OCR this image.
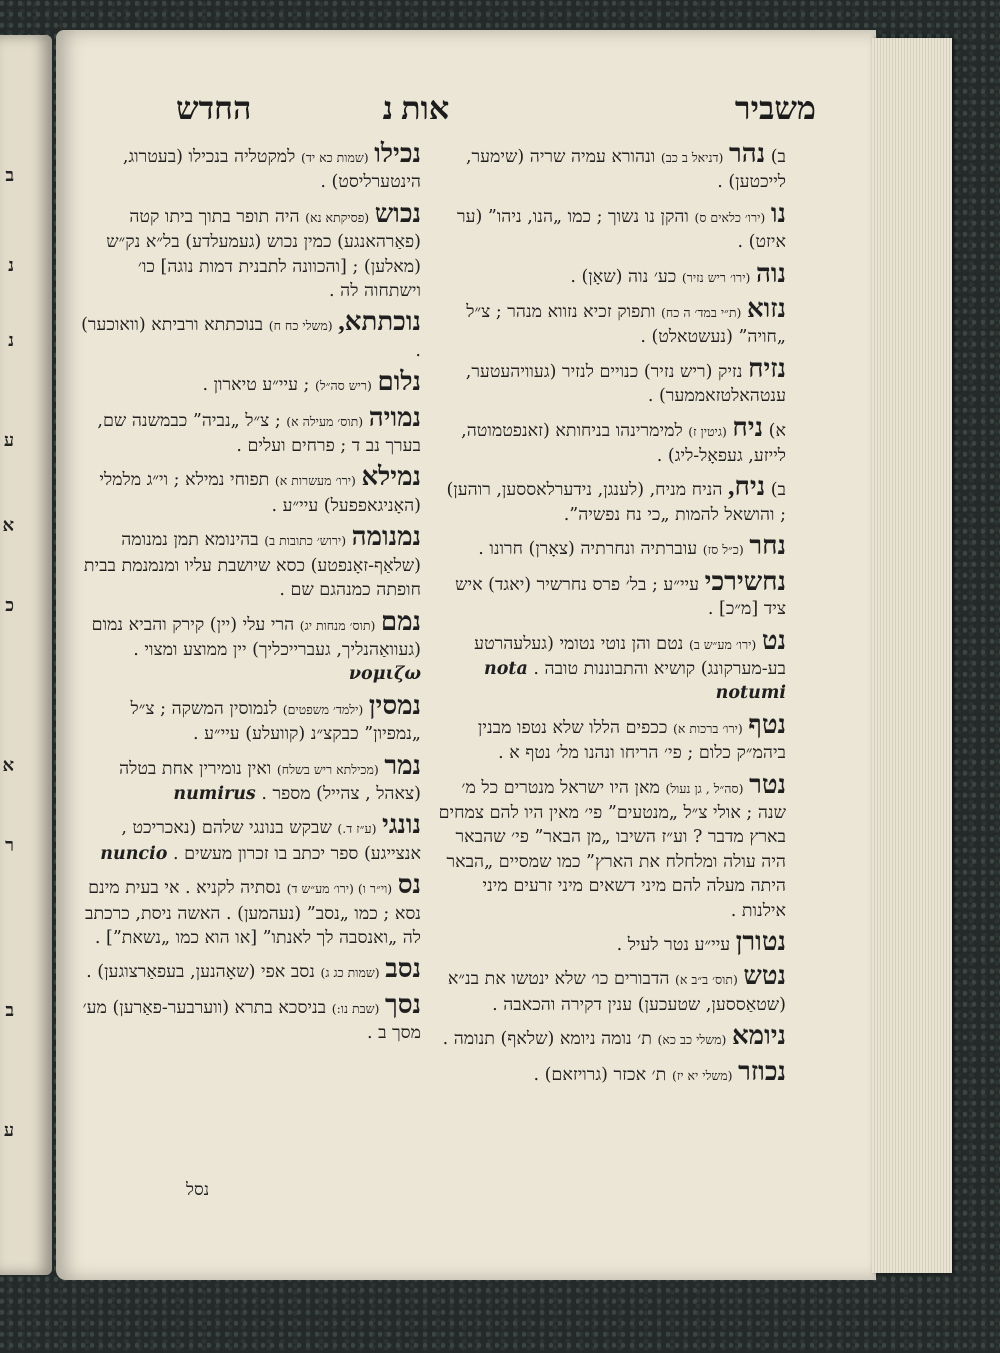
ב
נ
נ
ע
א
כ
א
ר
ב
ע
משביר
אות נ
החדש

ב) נהר (דניאל ב כב) ונהורא עמיה שריה (שימער, לייכטען) .

נו (ירו׳ כלאים ס) והקן נו נשוך ; כמו „הנו, ניהו” (ער איזט) .

נוה (ירו׳ ריש נזיר) כע׳ נוה (שאָן) .

נזוא (ת״י במד׳ ה כח) ותפוק זכיא נזווא מנהר ; צ״ל „חויה” (נעשטאלט) .

נזיח נזיק (ריש נזיר) כנויים לנזיר (געוויהעטער, ענטהאלטזאממער) .

א) ניח (גיטין ז) למימרינהו בניחותא (זאנפטמוטה, לייזע, געפאָל-ליג) .

ב) ניח, הניח מניח, (לענגן, נידערלאססען, רוהען) ; והושאל להמות „כי נח נפשיה”.

נחר (כ״ל סז) עוברתיה ונחרתיה (צאָרן) חרונו .

נחשירכי עיי״ע ; בל׳ פרס נחרשיר (יאגד) איש ציד [מ״כ] .

נט (ירו׳ מע״ש ב) נטם והן נוטי נטומי (געלעהרטע בע-מערקונג) קושיא והתבוננות טובה . nota notumi

נטף (ירו׳ ברכות א) ככפים הללו שלא נטפו מבנין ביהמ״ק כלום ; פי׳ הריחו ונהנו מל׳ נטף א .

נטר (סה״ל , גן נעול) מאן היו ישראל מנטרים כל מ׳ שנה ; אולי צ״ל „מנטעים” פי׳ מאין היו להם צמחים בארץ מדבר ? וע״ז השיבו „מן הבאר” פי׳ שהבאר היה עולה ומלחלח את הארץ” כמו שמסיים „הבאר היתה מעלה להם מיני דשאים מיני זרעים מיני אילנות .

נטורן עיי״ע נטר לעיל .

נטש (תוס׳ ב״ב א) הדבורים כו׳ שלא ינטשו את בנ״א (שטאַססען, שטעכען) ענין דקירה והכאבה .

ניומא (משלי כב כא) ת׳ נומה ניומא (שלאף) תנומה .

נכוזר (משלי יא יז) ת׳ אכזר (גרויזאם) .

נכילו (שמות כא יד) למקטליה בנכילו (בעטרוג, הינטערליסט) .

נכוש (פסיקתא נא) היה תופר בתוך ביתו קטה (פאַרהאנגע) כמין נכוש (געמעלדע) בל״א נק״ש (מאלען) ; [והכוונה לתבנית דמות נוגה] כו׳ וישתחוה לה .

נוכתתא, (משלי כח ח) בנוכתתא ורביתא (וואוכער) .

נלום (ריש סה״ל) ; עיי״ע טיארון .

נמויה (תוס׳ מעילה א) ; צ״ל „נביה” כבמשנה שם, בערך נב ד ; פרחים ועלים .

נמילא (ירו׳ מעשרות א) תפוחי נמילא ; וי״ג מלמלי (האָניגאפפעל) עיי״ע .

נמנומה (ירוש׳ כתובות ב) בהינומא תמן נמנומה (שלאַף-זאָנפטע) כסא שיושבת עליו ומנמנמת בבית חופתה כמנהגם שם .

נמם (תוס׳ מנחות יג) הרי עלי (יין) קירק והביא נמום (געוואַהנליך, געברייכליך) יין ממוצע ומצוי . νομιζω

נמסין (ילמד׳ משפטים) לנמוסין המשקה ; צ״ל „נמפיון” כבקצ״נ (קוועלע) עיי״ע .

נמר (מכילתא ריש בשלח) ואין נומירין אחת בטלה (צאהל , צהייל) מספר . numirus

נונגי (ע״ז ד.) שבקש בנונגי שלהם (נאכריכט , אנצייגע) ספר יכתב בו זכרון מעשים . nuncio

נס (וי״ר ו) (ירו׳ מע״ש ד) נסתיה לקניא . אי בעית מינם נסא ; כמו „נסב” (נעהמען) . האשה ניסת, כרכתב לה „ואנסבה לך לאנתו” [או הוא כמו „נשאת”] .

נסב (שמות כג ג) נסב אפי (שאָהנען, בעפאַרצוגען) .

נסך (שבת נו:) בניסכא בתרא (ווערבער-פאַרען) מע׳ מסך ב .

נסל
